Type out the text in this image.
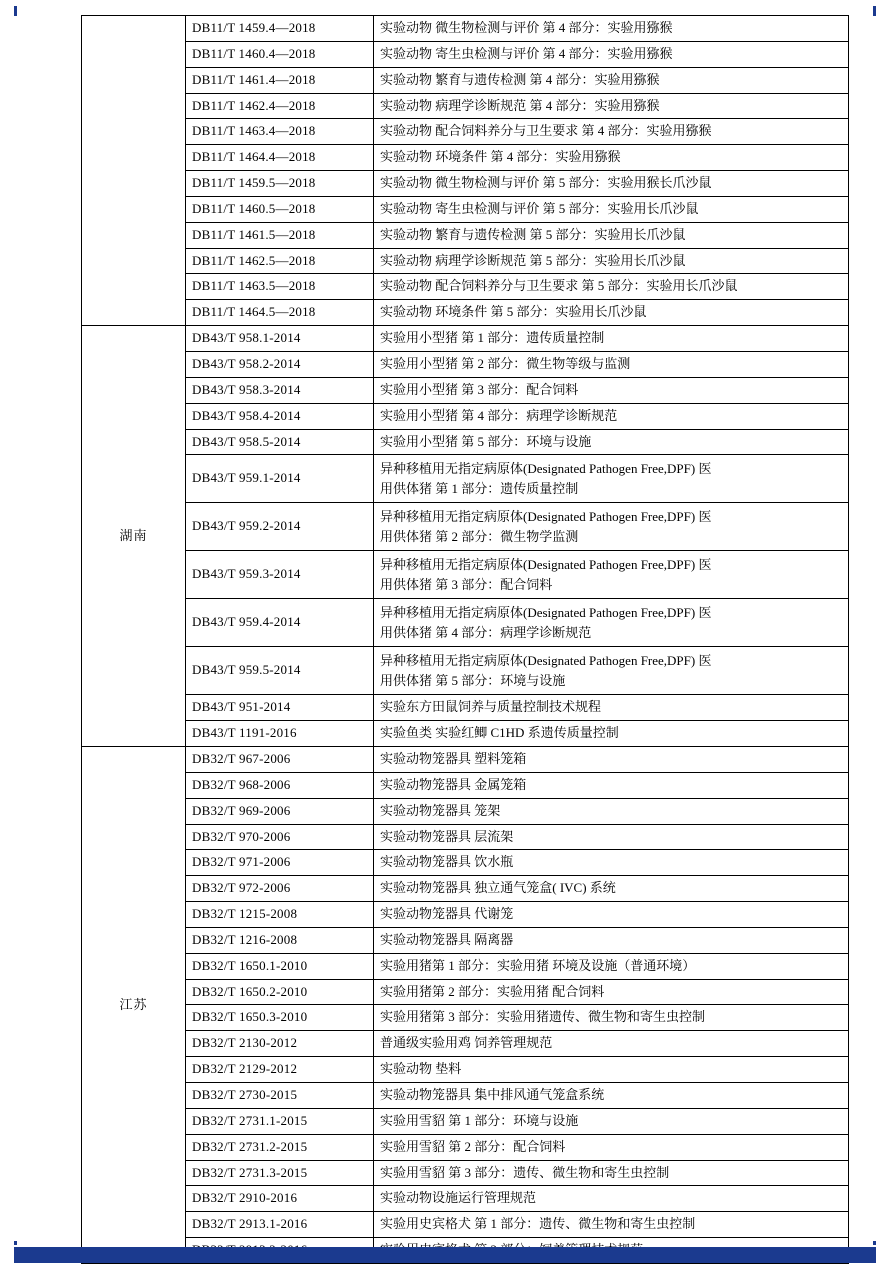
	DB11/T 1459.4—2018	实验动物 微生物检测与评价 第 4 部分：实验用猕猴
	DB11/T 1460.4—2018	实验动物 寄生虫检测与评价 第 4 部分：实验用猕猴
	DB11/T 1461.4—2018	实验动物 繁育与遗传检测 第 4 部分：实验用猕猴
	DB11/T 1462.4—2018	实验动物 病理学诊断规范 第 4 部分：实验用猕猴
	DB11/T 1463.4—2018	实验动物 配合饲料养分与卫生要求 第 4 部分：实验用猕猴
	DB11/T 1464.4—2018	实验动物 环境条件 第 4 部分：实验用猕猴
	DB11/T 1459.5—2018	实验动物 微生物检测与评价 第 5 部分：实验用猴长爪沙鼠
	DB11/T 1460.5—2018	实验动物 寄生虫检测与评价 第 5 部分：实验用长爪沙鼠
	DB11/T 1461.5—2018	实验动物 繁育与遗传检测 第 5 部分：实验用长爪沙鼠
	DB11/T 1462.5—2018	实验动物 病理学诊断规范 第 5 部分：实验用长爪沙鼠
	DB11/T 1463.5—2018	实验动物 配合饲料养分与卫生要求 第 5 部分：实验用长爪沙鼠
	DB11/T 1464.5—2018	实验动物 环境条件 第 5 部分：实验用长爪沙鼠
湖南	DB43/T 958.1-2014	实验用小型猪 第 1 部分：遗传质量控制
	DB43/T 958.2-2014	实验用小型猪 第 2 部分：微生物等级与监测
	DB43/T 958.3-2014	实验用小型猪 第 3 部分：配合饲料
	DB43/T 958.4-2014	实验用小型猪 第 4 部分：病理学诊断规范
	DB43/T 958.5-2014	实验用小型猪 第 5 部分：环境与设施
	DB43/T 959.1-2014	异种移植用无指定病原体(Designated Pathogen Free,DPF) 医
用供体猪 第 1 部分：遗传质量控制

	DB43/T 959.2-2014	异种移植用无指定病原体(Designated Pathogen Free,DPF) 医
用供体猪 第 2 部分：微生物学监测

	DB43/T 959.3-2014	异种移植用无指定病原体(Designated Pathogen Free,DPF) 医
用供体猪 第 3 部分：配合饲料

	DB43/T 959.4-2014	异种移植用无指定病原体(Designated Pathogen Free,DPF) 医
用供体猪 第 4 部分：病理学诊断规范

	DB43/T 959.5-2014	异种移植用无指定病原体(Designated Pathogen Free,DPF) 医
用供体猪 第 5 部分：环境与设施

	DB43/T 951-2014	实验东方田鼠饲养与质量控制技术规程
	DB43/T 1191-2016	实验鱼类 实验红鲫 C1HD 系遗传质量控制
江苏	DB32/T 967-2006	实验动物笼器具 塑料笼箱
	DB32/T 968-2006	实验动物笼器具 金属笼箱
	DB32/T 969-2006	实验动物笼器具 笼架
	DB32/T 970-2006	实验动物笼器具 层流架
	DB32/T 971-2006	实验动物笼器具 饮水瓶
	DB32/T 972-2006	实验动物笼器具 独立通气笼盒( IVC) 系统
	DB32/T 1215-2008	实验动物笼器具 代谢笼
	DB32/T 1216-2008	实验动物笼器具 隔离器
	DB32/T 1650.1-2010	实验用猪第 1 部分：实验用猪 环境及设施（普通环境）
	DB32/T 1650.2-2010	实验用猪第 2 部分：实验用猪 配合饲料
	DB32/T 1650.3-2010	实验用猪第 3 部分：实验用猪遗传、微生物和寄生虫控制
	DB32/T 2130-2012	普通级实验用鸡 饲养管理规范
	DB32/T 2129-2012	实验动物 垫料
	DB32/T 2730-2015	实验动物笼器具 集中排风通气笼盒系统
	DB32/T 2731.1-2015	实验用雪貂 第 1 部分：环境与设施
	DB32/T 2731.2-2015	实验用雪貂 第 2 部分：配合饲料
	DB32/T 2731.3-2015	实验用雪貂 第 3 部分：遗传、微生物和寄生虫控制
	DB32/T 2910-2016	实验动物设施运行管理规范
	DB32/T 2913.1-2016	实验用史宾格犬 第 1 部分：遗传、微生物和寄生虫控制
